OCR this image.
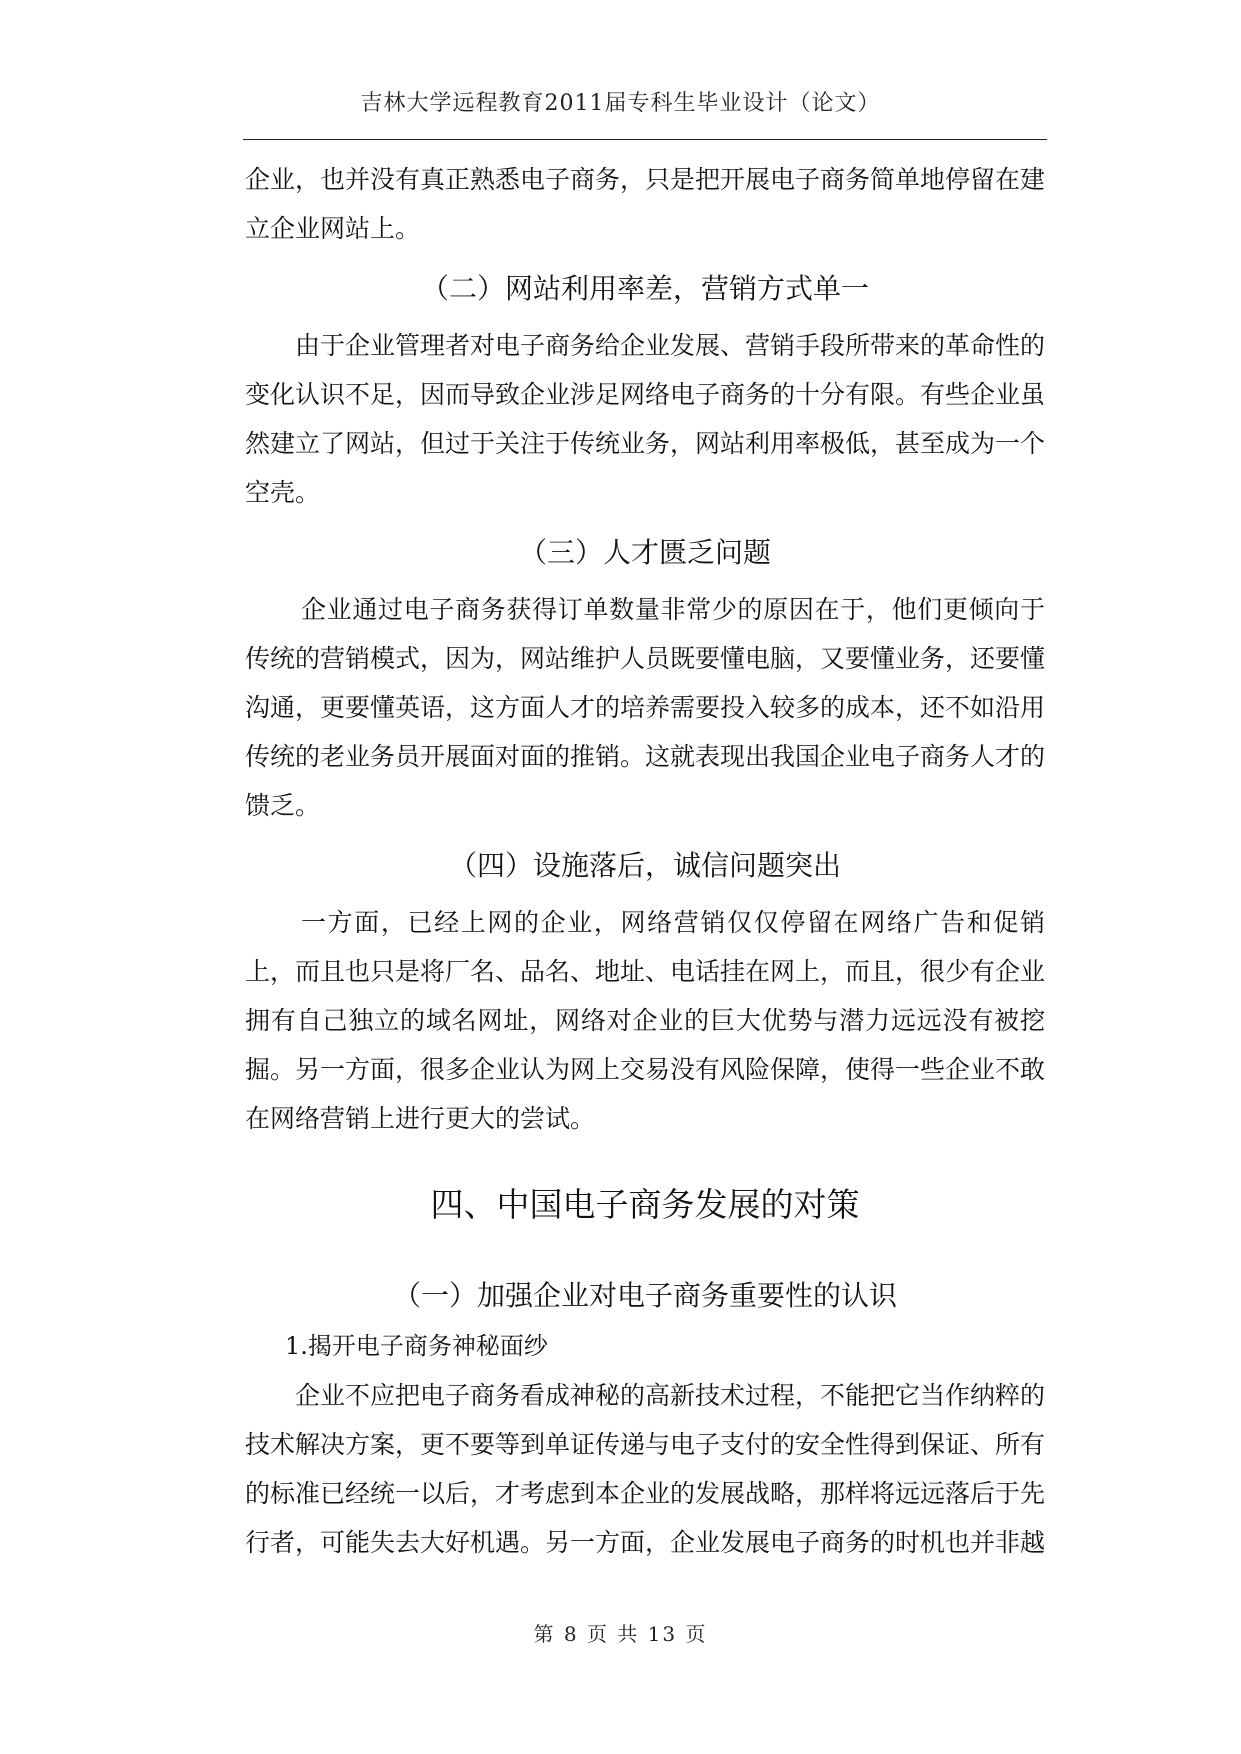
吉林大学远程教育2011届专科生毕业设计（论文）

企业，也并没有真正熟悉电子商务，只是把开展电子商务简单地停留在建立企业网站上。

（二）网站利用率差，营销方式单一

由于企业管理者对电子商务给企业发展、营销手段所带来的革命性的变化认识不足，因而导致企业涉足网络电子商务的十分有限。有些企业虽然建立了网站，但过于关注于传统业务，网站利用率极低，甚至成为一个空壳。

（三）人才匮乏问题

企业通过电子商务获得订单数量非常少的原因在于，他们更倾向于传统的营销模式，因为，网站维护人员既要懂电脑，又要懂业务，还要懂沟通，更要懂英语，这方面人才的培养需要投入较多的成本，还不如沿用传统的老业务员开展面对面的推销。这就表现出我国企业电子商务人才的馈乏。

（四）设施落后，诚信问题突出

一方面，已经上网的企业，网络营销仅仅停留在网络广告和促销上，而且也只是将厂名、品名、地址、电话挂在网上，而且，很少有企业拥有自己独立的域名网址，网络对企业的巨大优势与潜力远远没有被挖掘。另一方面，很多企业认为网上交易没有风险保障，使得一些企业不敢在网络营销上进行更大的尝试。

四、中国电子商务发展的对策
（一）加强企业对电子商务重要性的认识
1.揭开电子商务神秘面纱

企业不应把电子商务看成神秘的高新技术过程，不能把它当作纳粹的技术解决方案，更不要等到单证传递与电子支付的安全性得到保证、所有的标准已经统一以后，才考虑到本企业的发展战略，那样将远远落后于先行者，可能失去大好机遇。另一方面，企业发展电子商务的时机也并非越

第 8 页 共 13 页
